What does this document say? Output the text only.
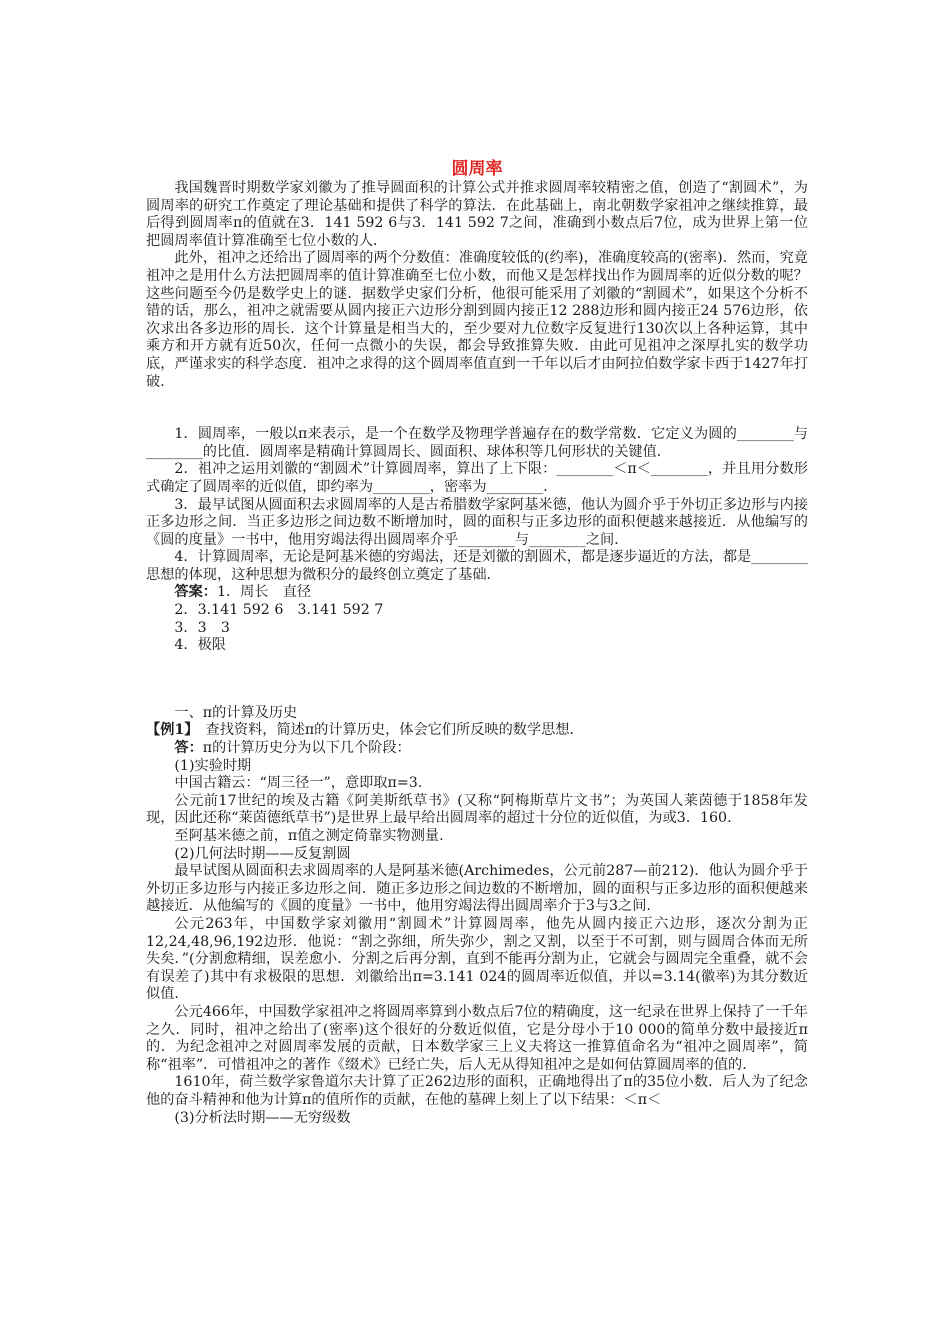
圆周率

我国魏晋时期数学家刘徽为了推导圆面积的计算公式并推求圆周率较精密之值，创造了“割圆术”，为圆周率的研究工作奠定了理论基础和提供了科学的算法．在此基础上，南北朝数学家祖冲之继续推算，最后得到圆周率π的值就在3．141 592 6与3．141 592 7之间，准确到小数点后7位，成为世界上第一位把圆周率值计算准确至七位小数的人．

此外，祖冲之还给出了圆周率的两个分数值：准确度较低的(约率)，准确度较高的(密率)．然而，究竟祖冲之是用什么方法把圆周率的值计算准确至七位小数，而他又是怎样找出作为圆周率的近似分数的呢？这些问题至今仍是数学史上的谜．据数学史家们分析，他很可能采用了刘徽的“割圆术”，如果这个分析不错的话，那么，祖冲之就需要从圆内接正六边形分割到圆内接正12 288边形和圆内接正24 576边形，依次求出各多边形的周长．这个计算量是相当大的，至少要对九位数字反复进行130次以上各种运算，其中乘方和开方就有近50次，任何一点微小的失误，都会导致推算失败．由此可见祖冲之深厚扎实的数学功底，严谨求实的科学态度．祖冲之求得的这个圆周率值直到一千年以后才由阿拉伯数学家卡西于1427年打破．

1．圆周率，一般以π来表示，是一个在数学及物理学普遍存在的数学常数．它定义为圆的________与________的比值．圆周率是精确计算圆周长、圆面积、球体积等几何形状的关键值．

2．祖冲之运用刘徽的“割圆术”计算圆周率，算出了上下限：________＜π＜________，并且用分数形式确定了圆周率的近似值，即约率为________，密率为________．

3．最早试图从圆面积去求圆周率的人是古希腊数学家阿基米德，他认为圆介乎于外切正多边形与内接正多边形之间．当正多边形之间边数不断增加时，圆的面积与正多边形的面积便越来越接近．从他编写的《圆的度量》一书中，他用穷竭法得出圆周率介乎________与________之间．

4．计算圆周率，无论是阿基米德的穷竭法，还是刘徽的割圆术，都是逐步逼近的方法，都是________思想的体现，这种思想为微积分的最终创立奠定了基础．

答案：1．周长　直径

2．3.141 592 6　3.141 592 7

3．3　3

4．极限

一、π的计算及历史

【例1】　 查找资料，简述π的计算历史，体会它们所反映的数学思想．

答：π的计算历史分为以下几个阶段：

(1)实验时期

中国古籍云：“周三径一”，意即取π=3.

公元前17世纪的埃及古籍《阿美斯纸草书》(又称“阿梅斯草片文书”；为英国人莱茵德于1858年发现，因此还称“莱茵德纸草书”)是世界上最早给出圆周率的超过十分位的近似值，为或3．160.

至阿基米德之前，π值之测定倚靠实物测量.

(2)几何法时期——反复割圆

最早试图从圆面积去求圆周率的人是阿基米德(Archimedes，公元前287—前212)．他认为圆介乎于外切正多边形与内接正多边形之间．随正多边形之间边数的不断增加，圆的面积与正多边形的面积便越来越接近．从他编写的《圆的度量》一书中，他用穷竭法得出圆周率介于3与3之间.

公元263年，中国数学家刘徽用“割圆术”计算圆周率，他先从圆内接正六边形，逐次分割为正12,24,48,96,192边形．他说：“割之弥细，所失弥少，割之又割，以至于不可割，则与圆周合体而无所失矣．”(分割愈精细，误差愈小．分割之后再分割，直到不能再分割为止，它就会与圆周完全重叠，就不会有误差了)其中有求极限的思想．刘徽给出π=3.141 024的圆周率近似值，并以=3.14(徽率)为其分数近似值.

公元466年，中国数学家祖冲之将圆周率算到小数点后7位的精确度，这一纪录在世界上保持了一千年之久．同时，祖冲之给出了(密率)这个很好的分数近似值，它是分母小于10 000的简单分数中最接近π的．为纪念祖冲之对圆周率发展的贡献，日本数学家三上义夫将这一推算值命名为“祖冲之圆周率”，简称“祖率”．可惜祖冲之的著作《缀术》已经亡失，后人无从得知祖冲之是如何估算圆周率的值的.

1610年，荷兰数学家鲁道尔夫计算了正262边形的面积，正确地得出了π的35位小数．后人为了纪念他的奋斗精神和他为计算π的值所作的贡献，在他的墓碑上刻上了以下结果：＜π＜

(3)分析法时期——无穷级数
